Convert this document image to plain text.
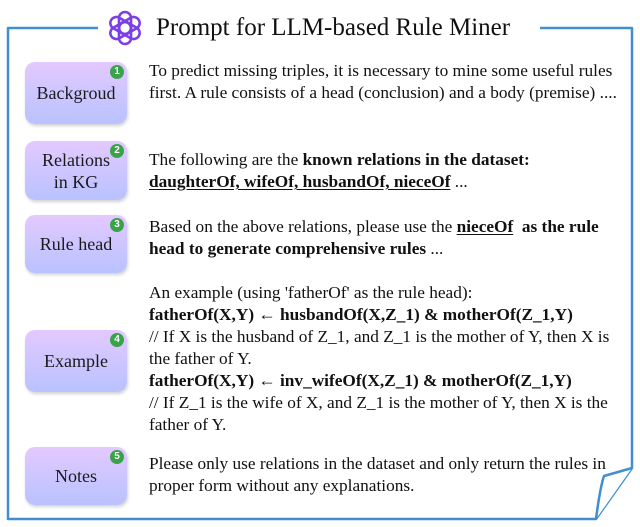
Prompt for LLM-based Rule Miner
Backgroud
1 To predict missing triples, it is necessary to mine some useful rules first. A rule consists of a head (conclusion) and a body (premise) ....
Relations
in KG
2 The following are the known relations in the dataset:
daughterOf, wifeOf, husbandOf, nieceOf ...
Rule head
3 Based on the above relations, please use the nieceOf  as the rule head to generate comprehensive rules ...
Example
4
An example (using 'fatherOf' as the rule head):
fatherOf(X,Y) ← husbandOf(X,Z_1) & motherOf(Z_1,Y)
// If X is the husband of Z_1, and Z_1 is the mother of Y, then X is the father of Y.
fatherOf(X,Y) ← inv_wifeOf(X,Z_1) & motherOf(Z_1,Y)
// If Z_1 is the wife of X, and Z_1 is the mother of Y, then X is the father of Y.
Notes
5 Please only use relations in the dataset and only return the rules in proper form without any explanations.
